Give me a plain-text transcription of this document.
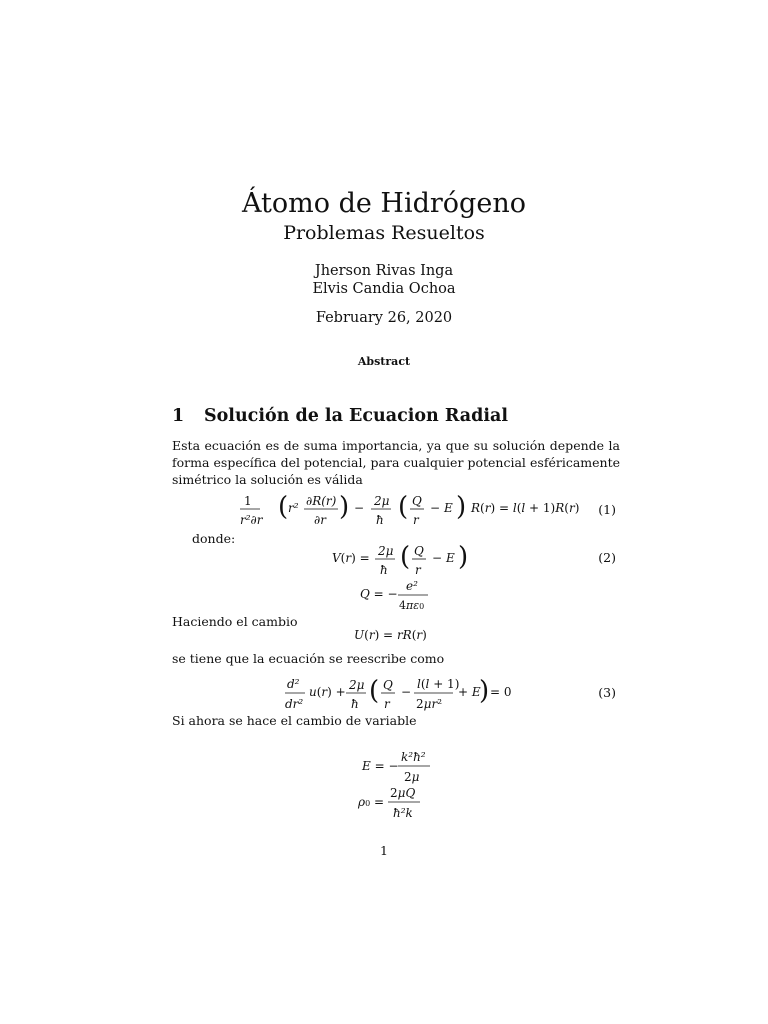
Átomo de Hidrógeno
Problemas Resueltos
Jherson Rivas Inga
Elvis Candia Ochoa
February 26, 2020
Abstract
1 Solución de la Ecuacion Radial
Esta ecuación es de suma importancia, ya que su solución depende la forma específica del potencial, para cualquier potencial esféricamente simétrico la solución es válida
1
r²∂r ( r² ∂R(r)
∂r ) − 2μ
ħ ( Q
r
− E ) R(r) = l(l + 1)R(r) (1)
donde:
V(r) = 2μ
ħ ( Q
r
− E )	(2)
Q = −
e²
4πε0
Haciendo el cambio
U(r) = rR(r)
se tiene que la ecuación se reescribe como
d²
dr²
u(r) + 2μ
ħ ( Q
r
−
l(l + 1)
2μr²
+ E
) = 0	(3)
Si ahora se hace el cambio de variable
E = −
k²ħ²
2μ
ρ0 =
2μQ
ħ²k
1
